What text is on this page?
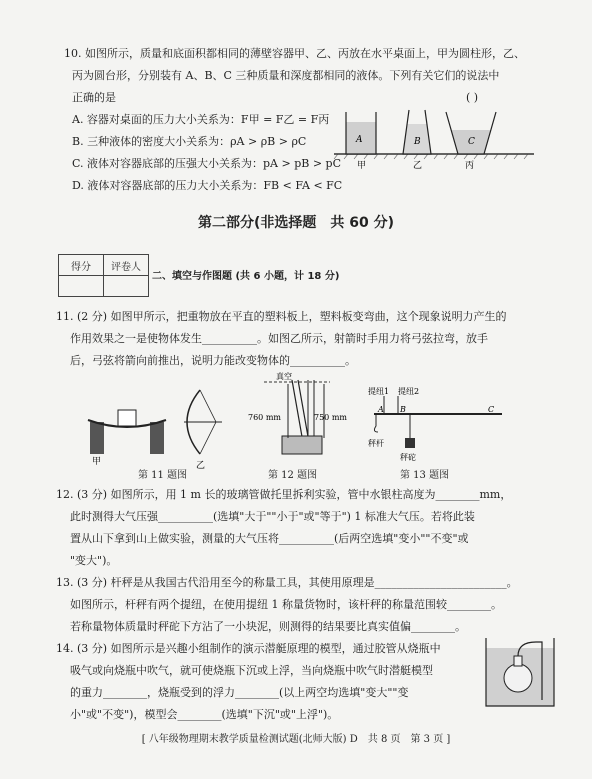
10. 如图所示，质量和底面积都相同的薄壁容器甲、乙、丙放在水平桌面上，甲为圆柱形，乙、
丙为圆台形，分别装有 A、B、C 三种质量和深度都相同的液体。下列有关它们的说法中
正确的是	( )
A. 容器对桌面的压力大小关系为：F甲 = F乙 = F丙
B. 三种液体的密度大小关系为：ρA > ρB > ρC
C. 液体对容器底部的压强大小关系为：pA > pB > pC
D. 液体对容器底部的压力大小关系为：FB < FA < FC
A	B	C
甲	乙	丙
第二部分(非选择题　共 60 分)
得分	评卷人

二、填空与作图题 (共 6 小题，计 18 分)
11. (2 分) 如图甲所示，把重物放在平直的塑料板上，塑料板变弯曲，这个现象说明力产生的
作用效果之一是使物体发生__________。如图乙所示，射箭时手用力将弓弦拉弯，放手
后，弓弦将箭向前推出，说明力能改变物体的__________。
甲	乙
第 11 题图
真空
760 mm	750 mm
第 12 题图
提纽1 提纽2
A B	C
秤杆
秤砣
第 13 题图
12. (3 分) 如图所示，用 1 m 长的玻璃管做托里拆利实验，管中水银柱高度为________mm，
此时测得大气压强__________(选填"大于""小于"或"等于") 1 标准大气压。若将此装
置从山下拿到山上做实验，测量的大气压将__________(后两空选填"变小""不变"或
"变大")。
13. (3 分) 杆秤是从我国古代沿用至今的称量工具，其使用原理是________________________。
如图所示，杆秤有两个提纽，在使用提纽 1 称量货物时，该杆秤的称量范围较________。
若称量物体质量时秤砣下方沾了一小块泥，则测得的结果要比真实值偏________。
14. (3 分) 如图所示是兴趣小组制作的演示潜艇原理的模型，通过胶管从烧瓶中
吸气或向烧瓶中吹气，就可使烧瓶下沉或上浮，当向烧瓶中吹气时潜艇模型
的重力________，烧瓶受到的浮力________(以上两空均选填"变大""变
小"或"不变")，模型会________(选填"下沉"或"上浮")。
[ 八年级物理期末教学质量检测试题(北师大版) D　共 8 页　第 3 页 ]
